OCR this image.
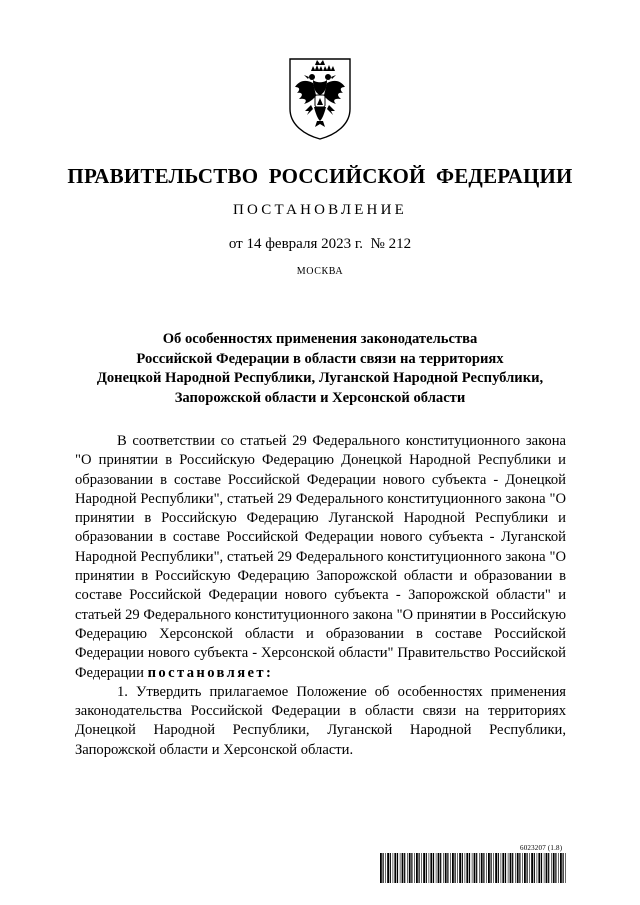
ПРАВИТЕЛЬСТВО РОССИЙСКОЙ ФЕДЕРАЦИИ
ПОСТАНОВЛЕНИЕ
от 14 февраля 2023 г.  № 212
МОСКВА
Об особенностях применения законодательства
Российской Федерации в области связи на территориях
Донецкой Народной Республики, Луганской Народной Республики,
Запорожской области и Херсонской области

В соответствии со статьей 29 Федерального конституционного закона "О принятии в Российскую Федерацию Донецкой Народной Республики и образовании в составе Российской Федерации нового субъекта - Донецкой Народной Республики", статьей 29 Федерального конституционного закона "О принятии в Российскую Федерацию Луганской Народной Республики и образовании в составе Российской Федерации нового субъекта - Луганской Народной Республики", статьей 29 Федерального конституционного закона "О принятии в Российскую Федерацию Запорожской области и образовании в составе Российской Федерации нового субъекта - Запорожской области" и статьей 29 Федерального конституционного закона "О принятии в Российскую Федерацию Херсонской области и образовании в составе Российской Федерации нового субъекта - Херсонской области" Правительство Российской Федерации постановляет:

1. Утвердить прилагаемое Положение об особенностях применения законодательства Российской Федерации в области связи на территориях Донецкой Народной Республики, Луганской Народной Республики, Запорожской области и Херсонской области.

6023207 (1.8)
